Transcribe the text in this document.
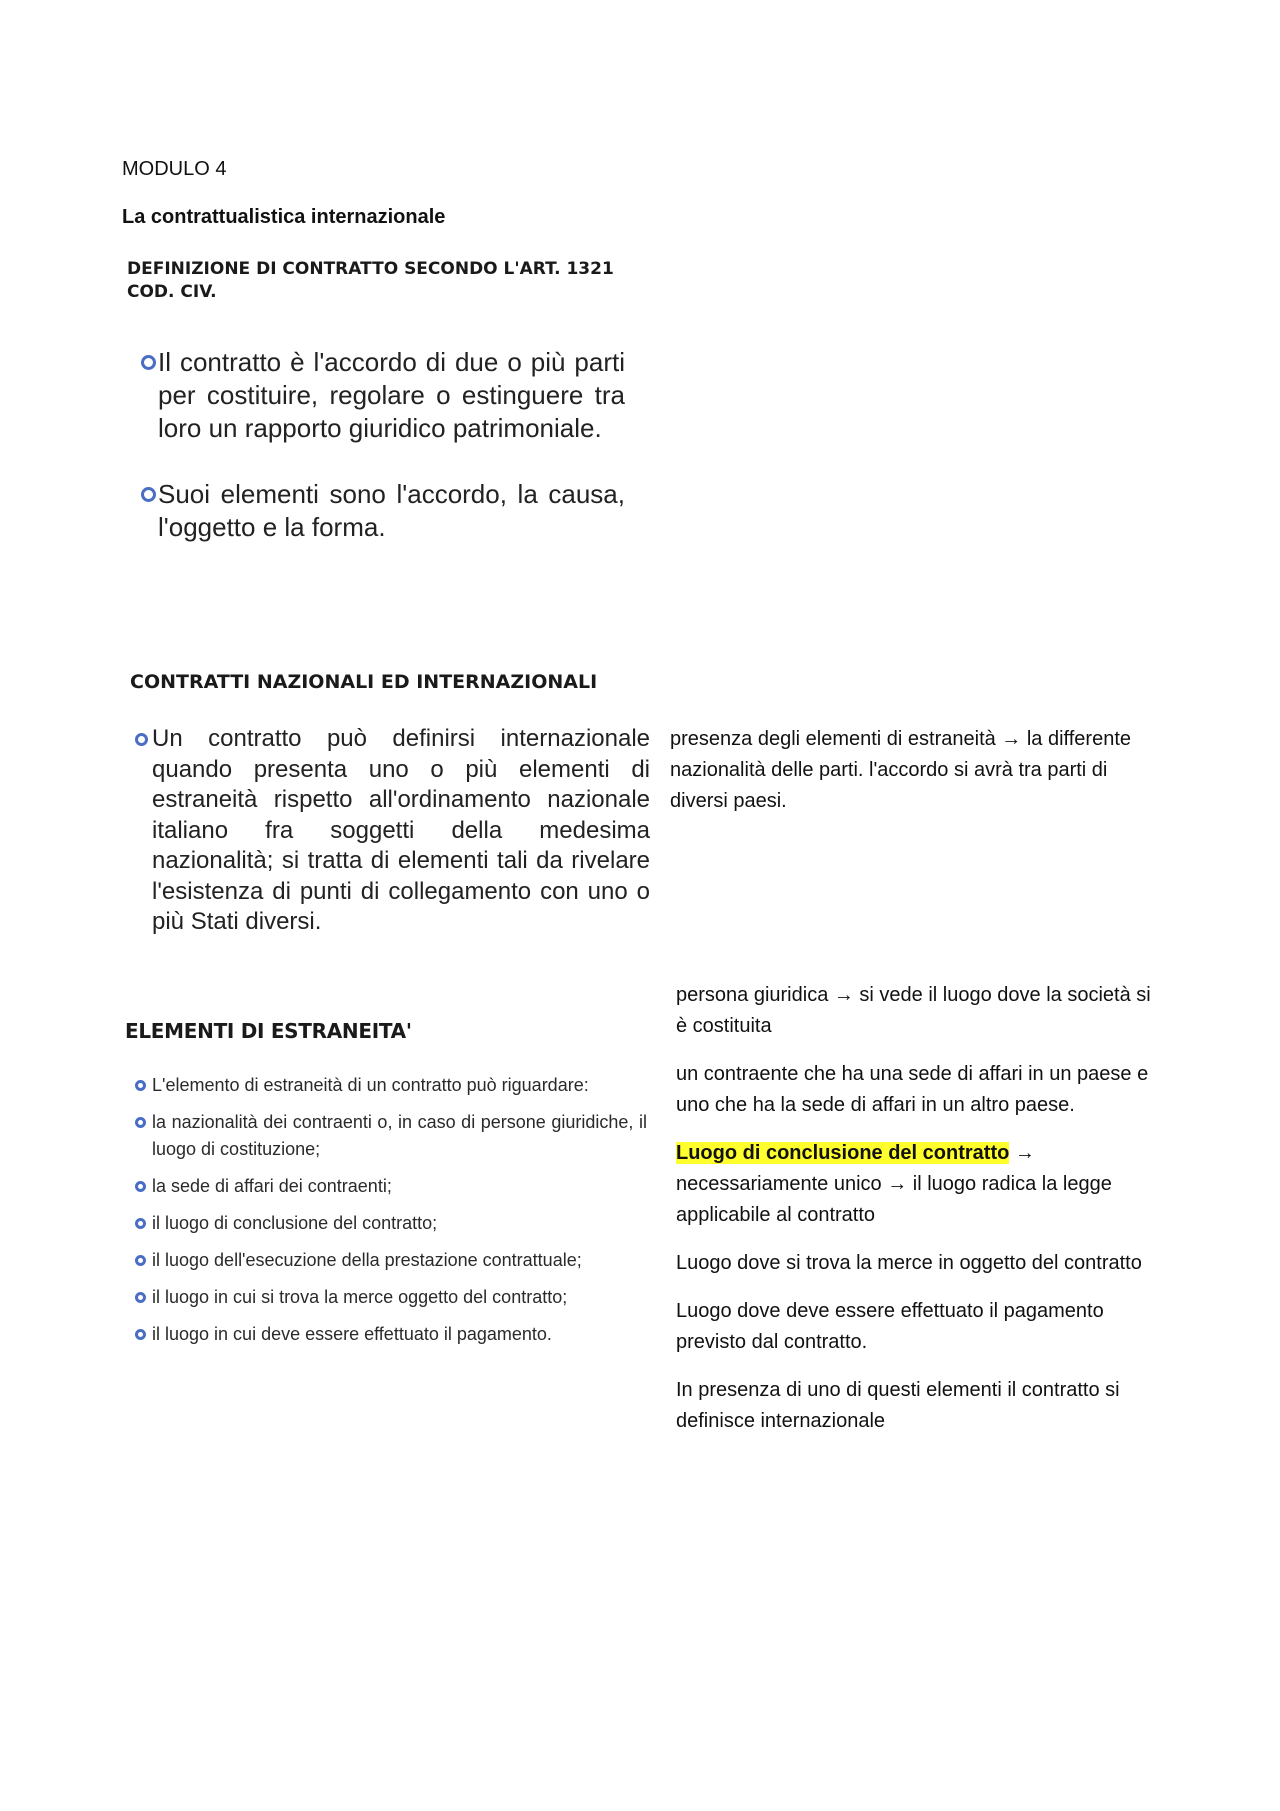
MODULO 4
La contrattualistica internazionale
DEFINIZIONE DI CONTRATTO SECONDO L'ART. 1321 COD. CIV.
Il contratto è l'accordo di due o più parti per costituire, regolare o estinguere tra loro un rapporto giuridico patrimoniale.
Suoi elementi sono l'accordo, la causa, l'oggetto e la forma.
CONTRATTI NAZIONALI ED INTERNAZIONALI
Un contratto può definirsi internazionale quando presenta uno o più elementi di estraneità rispetto all'ordinamento nazionale italiano fra soggetti della medesima nazionalità; si tratta di elementi tali da rivelare l'esistenza di punti di collegamento con uno o più Stati diversi.
presenza degli elementi di estraneità → la differente nazionalità delle parti. l'accordo si avrà tra parti di diversi paesi.
ELEMENTI DI ESTRANEITA'
L'elemento di estraneità di un contratto può riguardare:
la nazionalità dei contraenti o, in caso di persone giuridiche, il luogo di costituzione;
la sede di affari dei contraenti;
il luogo di conclusione del contratto;
il luogo dell'esecuzione della prestazione contrattuale;
il luogo in cui si trova la merce oggetto del contratto;
il luogo in cui deve essere effettuato il pagamento.

persona giuridica → si vede il luogo dove la società si è costituita

un contraente che ha una sede di affari in un paese e uno che ha la sede di affari in un altro paese.

Luogo di conclusione del contratto → necessariamente unico → il luogo radica la legge applicabile al contratto

Luogo dove si trova la merce in oggetto del contratto

Luogo dove deve essere effettuato il pagamento previsto dal contratto.

In presenza di uno di questi elementi il contratto si definisce internazionale
